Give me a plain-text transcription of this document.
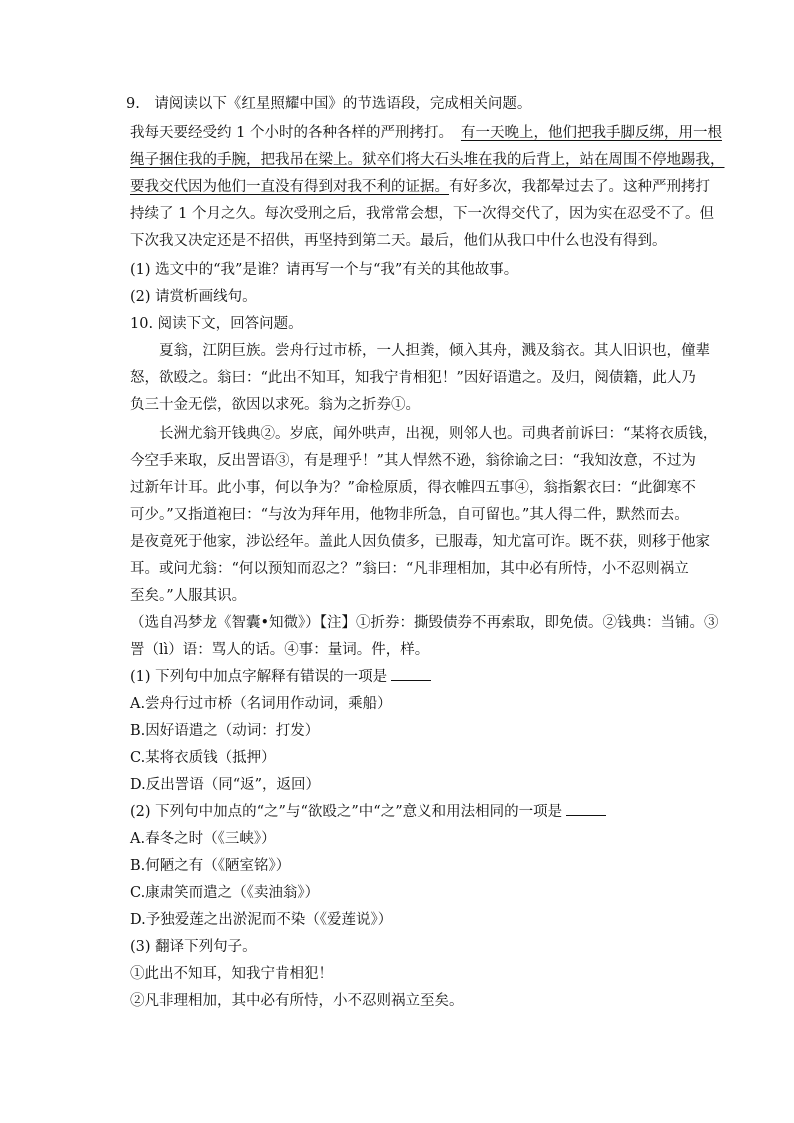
9.　请阅读以下《红星照耀中国》的节选语段，完成相关问题。
我每天要经受约 1 个小时的各种各样的严刑拷打。 有一天晚上，他们把我手脚反绑，用一根
绳子捆住我的手腕，把我吊在梁上。狱卒们将大石头堆在我的后背上，站在周围不停地踢我，
要我交代因为他们一直没有得到对我不利的证据。有好多次，我都晕过去了。这种严刑拷打
持续了 1 个月之久。每次受刑之后，我常常会想，下一次得交代了，因为实在忍受不了。但
下次我又决定还是不招供，再坚持到第二天。最后，他们从我口中什么也没有得到。
(1) 选文中的“我”是谁？请再写一个与“我”有关的其他故事。
(2) 请赏析画线句。
10. 阅读下文，回答问题。
　　夏翁，江阴巨族。尝舟行过市桥，一人担粪，倾入其舟，溅及翁衣。其人旧识也，僮辈
怒，欲殴之。翁曰：“此出不知耳，知我宁肯相犯！”因好语遣之。及归，阅债籍，此人乃
负三十金无偿，欲因以求死。翁为之折券①。
　　长洲尤翁开钱典②。岁底，闻外哄声，出视，则邻人也。司典者前诉曰：“某将衣质钱，
今空手来取，反出詈语③，有是理乎！”其人悍然不逊，翁徐谕之曰：“我知汝意，不过为
过新年计耳。此小事，何以争为？”命检原质，得衣帷四五事④，翁指絮衣曰：“此御寒不
可少。”又指道袍曰：“与汝为拜年用，他物非所急，自可留也。”其人得二件，默然而去。
是夜竟死于他家，涉讼经年。盖此人因负债多，已服毒，知尤富可诈。既不获，则移于他家
耳。或问尤翁：“何以预知而忍之？”翁曰：“凡非理相加，其中必有所恃，小不忍则祸立
至矣。”人服其识。
（选自冯梦龙《智囊•知微》）【注】①折券：撕毁债券不再索取，即免债。②钱典：当铺。③
詈（lì）语：骂人的话。④事：量词。件，样。
(1) 下列句中加点字解释有错误的一项是
A.尝舟行过市桥（名词用作动词，乘船）
B.因好语遣之（动词：打发）
C.某将衣质钱（抵押）
D.反出詈语（同“返”，返回）
(2) 下列句中加点的“之”与“欲殴之”中“之”意义和用法相同的一项是
A.春冬之时（《三峡》）
B.何陋之有（《陋室铭》）
C.康肃笑而遣之（《卖油翁》）
D.予独爱莲之出淤泥而不染（《爱莲说》）
(3) 翻译下列句子。
①此出不知耳，知我宁肯相犯！
②凡非理相加，其中必有所恃，小不忍则祸立至矣。
